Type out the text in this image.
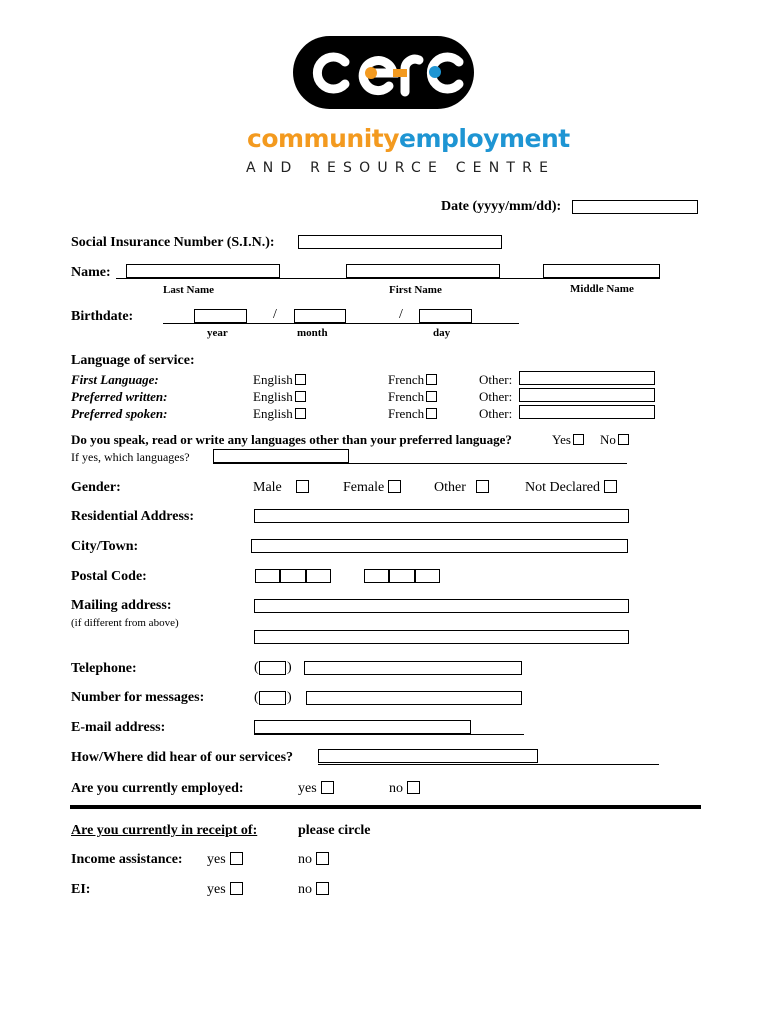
communityemployment
AND RESOURCE CENTRE
Date (yyyy/mm/dd):
Social Insurance Number (S.I.N.):
Name:
Last Name	First Name	Middle Name
Birthdate:	/	/
year	month	day
Language of service:
First Language:	English	French	Other:
Preferred written:	English	French	Other:
Preferred spoken:	English	French	Other:
Do you speak, read or write any languages other than your preferred language?	Yes	No
If yes, which languages?
Gender:	Male	Female	Other	Not Declared
Residential Address:
City/Town:
Postal Code:
Mailing address:
(if different from above)
Telephone:	( )
Number for messages:	( )
E-mail address:
How/Where did hear of our services?
Are you currently employed:	yes	no
Are you currently in receipt of:	please circle
Income assistance: yes	no
EI:	yes	no
